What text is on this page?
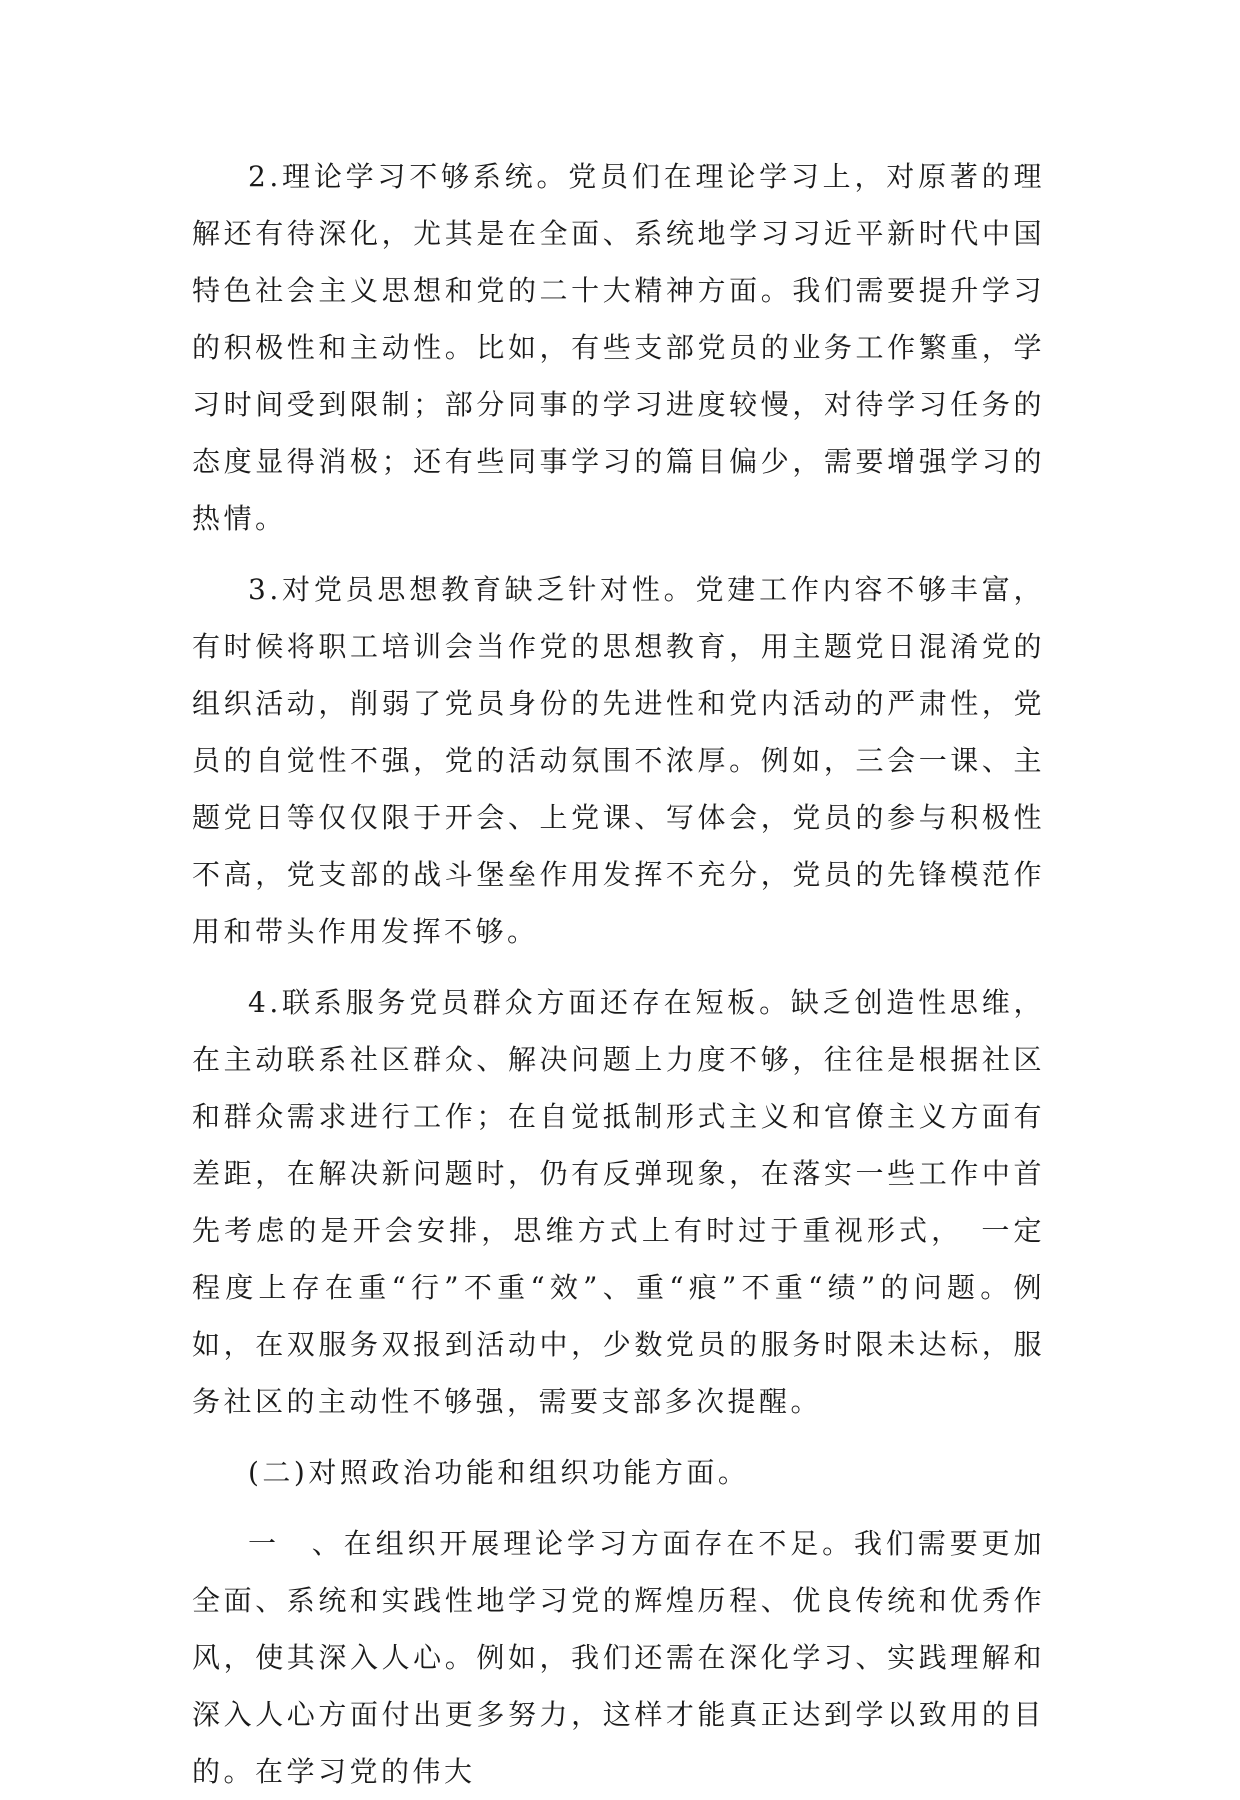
2.理论学习不够系统。党员们在理论学习上，对原著的理解还有待深化，尤其是在全面、系统地学习习近平新时代中国特色社会主义思想和党的二十大精神方面。我们需要提升学习的积极性和主动性。比如，有些支部党员的业务工作繁重，学习时间受到限制；部分同事的学习进度较慢，对待学习任务的态度显得消极；还有些同事学习的篇目偏少，需要增强学习的热情。

3.对党员思想教育缺乏针对性。党建工作内容不够丰富，有时候将职工培训会当作党的思想教育，用主题党日混淆党的组织活动，削弱了党员身份的先进性和党内活动的严肃性，党员的自觉性不强，党的活动氛围不浓厚。例如，三会一课、主题党日等仅仅限于开会、上党课、写体会，党员的参与积极性不高，党支部的战斗堡垒作用发挥不充分，党员的先锋模范作用和带头作用发挥不够。

4.联系服务党员群众方面还存在短板。缺乏创造性思维，在主动联系社区群众、解决问题上力度不够，往往是根据社区和群众需求进行工作；在自觉抵制形式主义和官僚主义方面有差距，在解决新问题时，仍有反弹现象，在落实一些工作中首先考虑的是开会安排，思维方式上有时过于重视形式，　一定程度上存在重“行”不重“效”、重“痕”不重“绩”的问题。例如，在双服务双报到活动中，少数党员的服务时限未达标，服务社区的主动性不够强，需要支部多次提醒。

(二)对照政治功能和组织功能方面。

一　、在组织开展理论学习方面存在不足。我们需要更加全面、系统和实践性地学习党的辉煌历程、优良传统和优秀作风，使其深入人心。例如，我们还需在深化学习、实践理解和深入人心方面付出更多努力，这样才能真正达到学以致用的目的。在学习党的伟大
